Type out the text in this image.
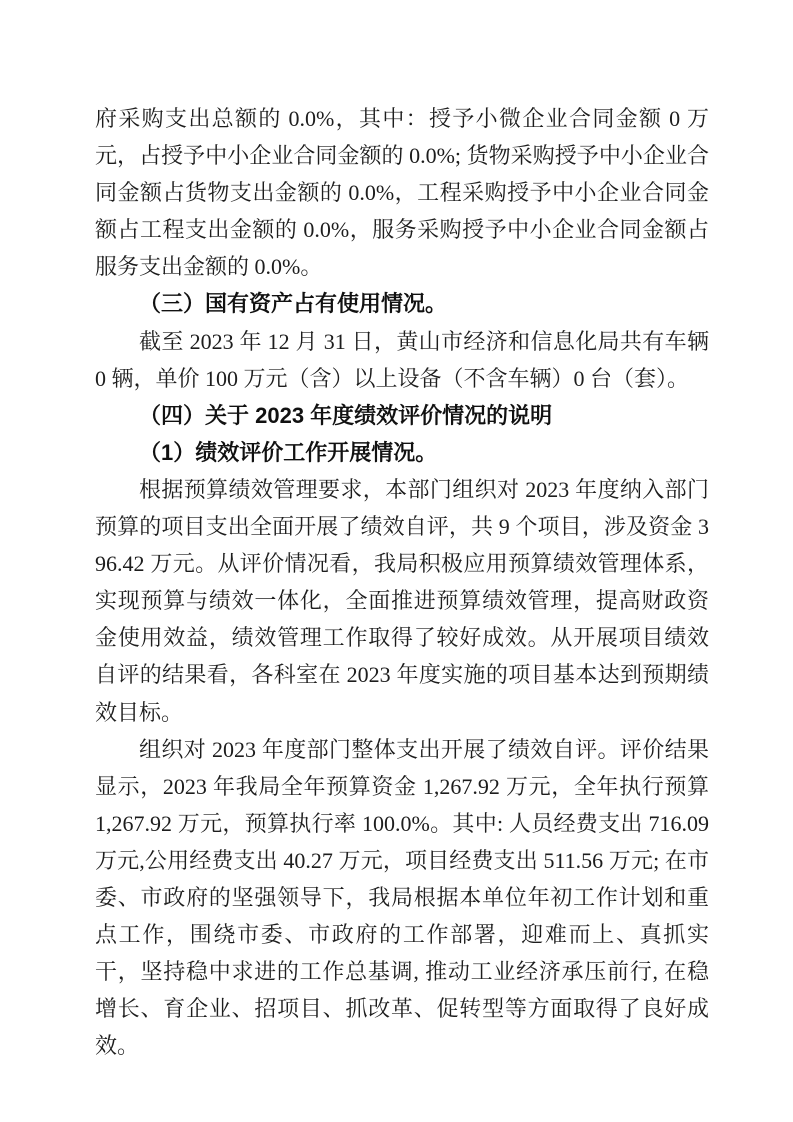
府采购支出总额的 0.0%，其中：授予小微企业合同金额 0 万元，占授予中小企业合同金额的 0.0%; 货物采购授予中小企业合同金额占货物支出金额的 0.0%，工程采购授予中小企业合同金额占工程支出金额的 0.0%，服务采购授予中小企业合同金额占服务支出金额的 0.0%。

（三）国有资产占有使用情况。

截至 2023 年 12 月 31 日，黄山市经济和信息化局共有车辆 0 辆，单价 100 万元（含）以上设备（不含车辆）0 台（套）。

（四）关于 2023 年度绩效评价情况的说明

（1）绩效评价工作开展情况。

根据预算绩效管理要求，本部门组织对 2023 年度纳入部门预算的项目支出全面开展了绩效自评，共 9 个项目，涉及资金 396.42 万元。从评价情况看，我局积极应用预算绩效管理体系，实现预算与绩效一体化，全面推进预算绩效管理，提高财政资金使用效益，绩效管理工作取得了较好成效。从开展项目绩效自评的结果看，各科室在 2023 年度实施的项目基本达到预期绩效目标。

组织对 2023 年度部门整体支出开展了绩效自评。评价结果显示，2023 年我局全年预算资金 1,267.92 万元，全年执行预算 1,267.92 万元，预算执行率 100.0%。其中: 人员经费支出 716.09 万元,公用经费支出 40.27 万元，项目经费支出 511.56 万元; 在市委、市政府的坚强领导下，我局根据本单位年初工作计划和重点工作，围绕市委、市政府的工作部署，迎难而上、真抓实干，坚持稳中求进的工作总基调, 推动工业经济承压前行, 在稳增长、育企业、招项目、抓改革、促转型等方面取得了良好成效。
